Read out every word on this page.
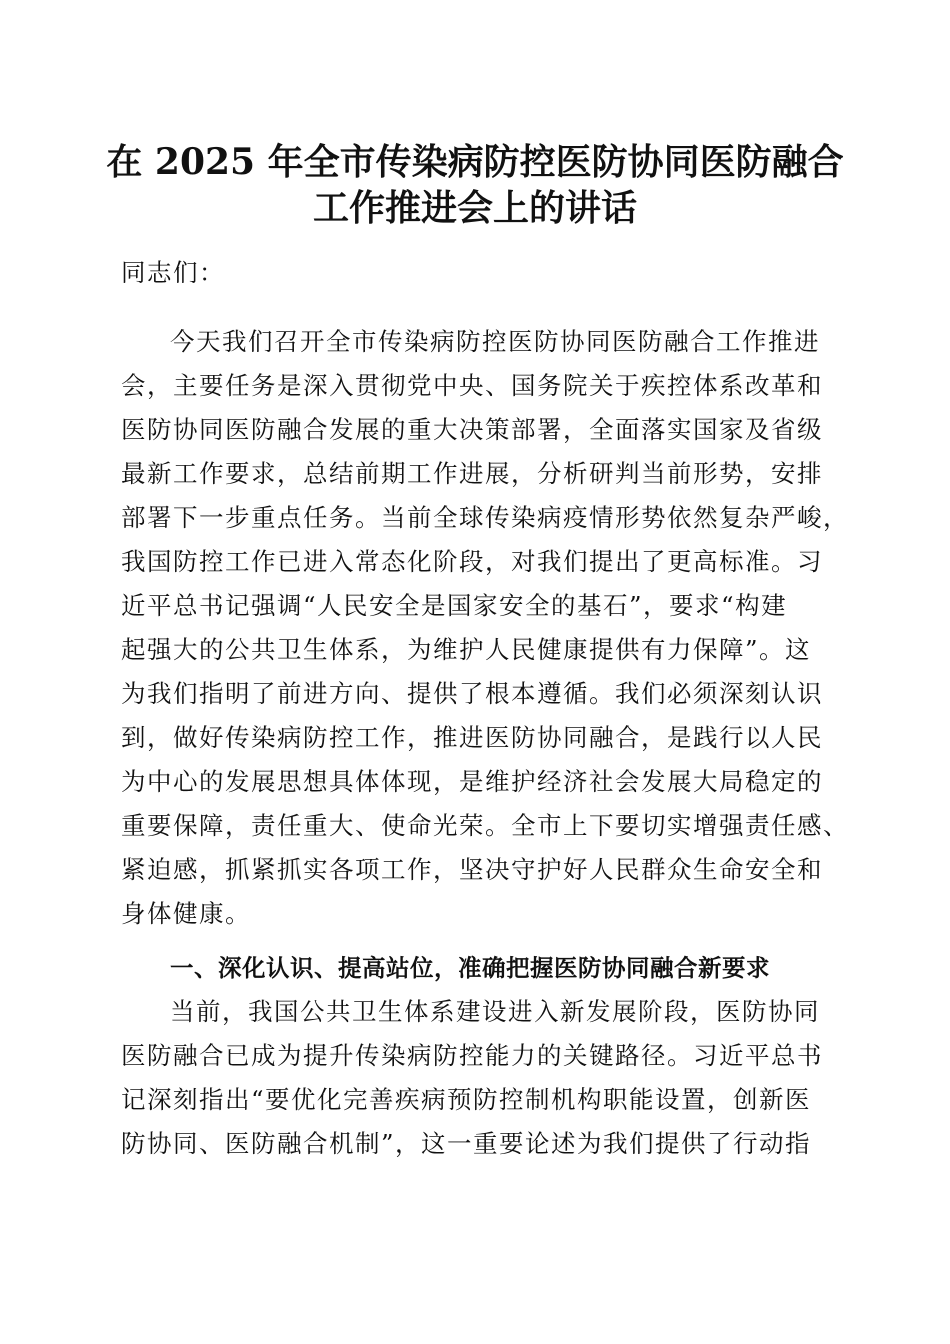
在 2025 年全市传染病防控医防协同医防融合
工作推进会上的讲话
同志们：
今天我们召开全市传染病防控医防协同医防融合工作推进
会，主要任务是深入贯彻党中央、国务院关于疾控体系改革和
医防协同医防融合发展的重大决策部署，全面落实国家及省级
最新工作要求，总结前期工作进展，分析研判当前形势，安排
部署下一步重点任务。当前全球传染病疫情形势依然复杂严峻，
我国防控工作已进入常态化阶段，对我们提出了更高标准。习
近平总书记强调“人民安全是国家安全的基石”，要求“构建
起强大的公共卫生体系，为维护人民健康提供有力保障”。这
为我们指明了前进方向、提供了根本遵循。我们必须深刻认识
到，做好传染病防控工作，推进医防协同融合，是践行以人民
为中心的发展思想具体体现，是维护经济社会发展大局稳定的
重要保障，责任重大、使命光荣。全市上下要切实增强责任感、
紧迫感，抓紧抓实各项工作，坚决守护好人民群众生命安全和
身体健康。
一、深化认识、提高站位，准确把握医防协同融合新要求
当前，我国公共卫生体系建设进入新发展阶段，医防协同
医防融合已成为提升传染病防控能力的关键路径。习近平总书
记深刻指出“要优化完善疾病预防控制机构职能设置，创新医
防协同、医防融合机制”，这一重要论述为我们提供了行动指
